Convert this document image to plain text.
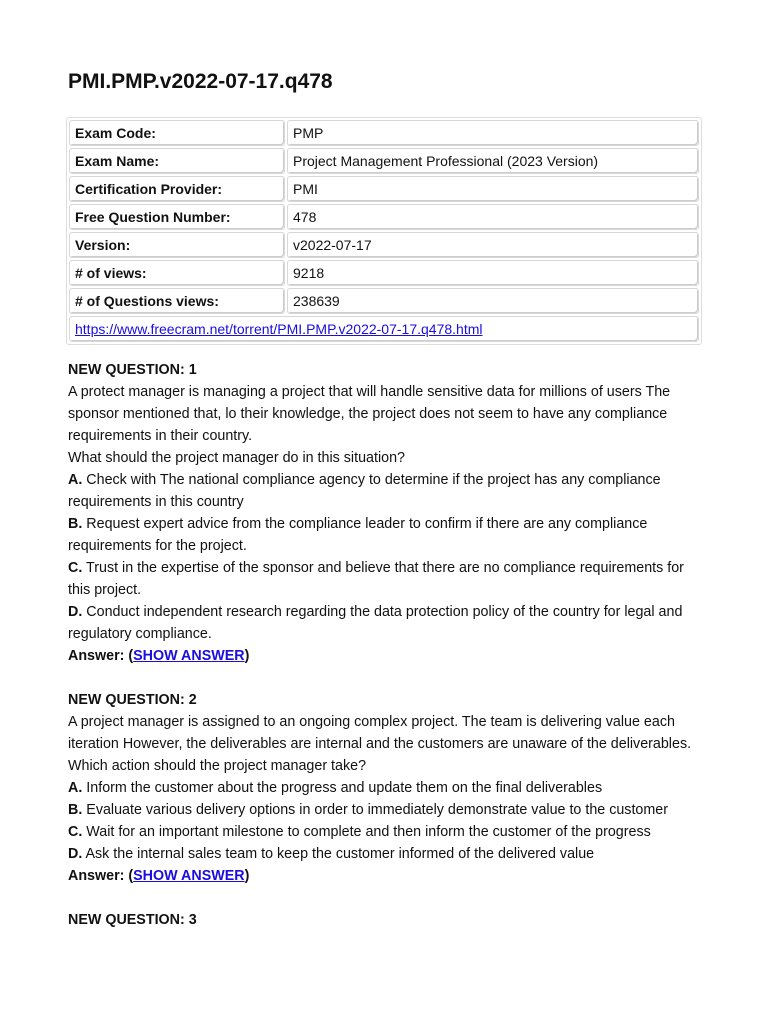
PMI.PMP.v2022-07-17.q478
Exam Code:	PMP
Exam Name:	Project Management Professional (2023 Version)
Certification Provider:	PMI
Free Question Number:	478
Version:	v2022-07-17
# of views:	9218
# of Questions views:	238639
https://www.freecram.net/torrent/PMI.PMP.v2022-07-17.q478.html	
NEW QUESTION: 1
A protect manager is managing a project that will handle sensitive data for millions of users The sponsor mentioned that, lo their knowledge, the project does not seem to have any compliance requirements in their country.
What should the project manager do in this situation?
A. Check with The national compliance agency to determine if the project has any compliance requirements in this country
B. Request expert advice from the compliance leader to confirm if there are any compliance requirements for the project.
C. Trust in the expertise of the sponsor and believe that there are no compliance requirements for this project.
D. Conduct independent research regarding the data protection policy of the country for legal and regulatory compliance.
Answer: (SHOW ANSWER)
NEW QUESTION: 2
A project manager is assigned to an ongoing complex project. The team is delivering value each iteration However, the deliverables are internal and the customers are unaware of the deliverables.
Which action should the project manager take?
A. Inform the customer about the progress and update them on the final deliverables
B. Evaluate various delivery options in order to immediately demonstrate value to the customer
C. Wait for an important milestone to complete and then inform the customer of the progress
D. Ask the internal sales team to keep the customer informed of the delivered value
Answer: (SHOW ANSWER)
NEW QUESTION: 3
